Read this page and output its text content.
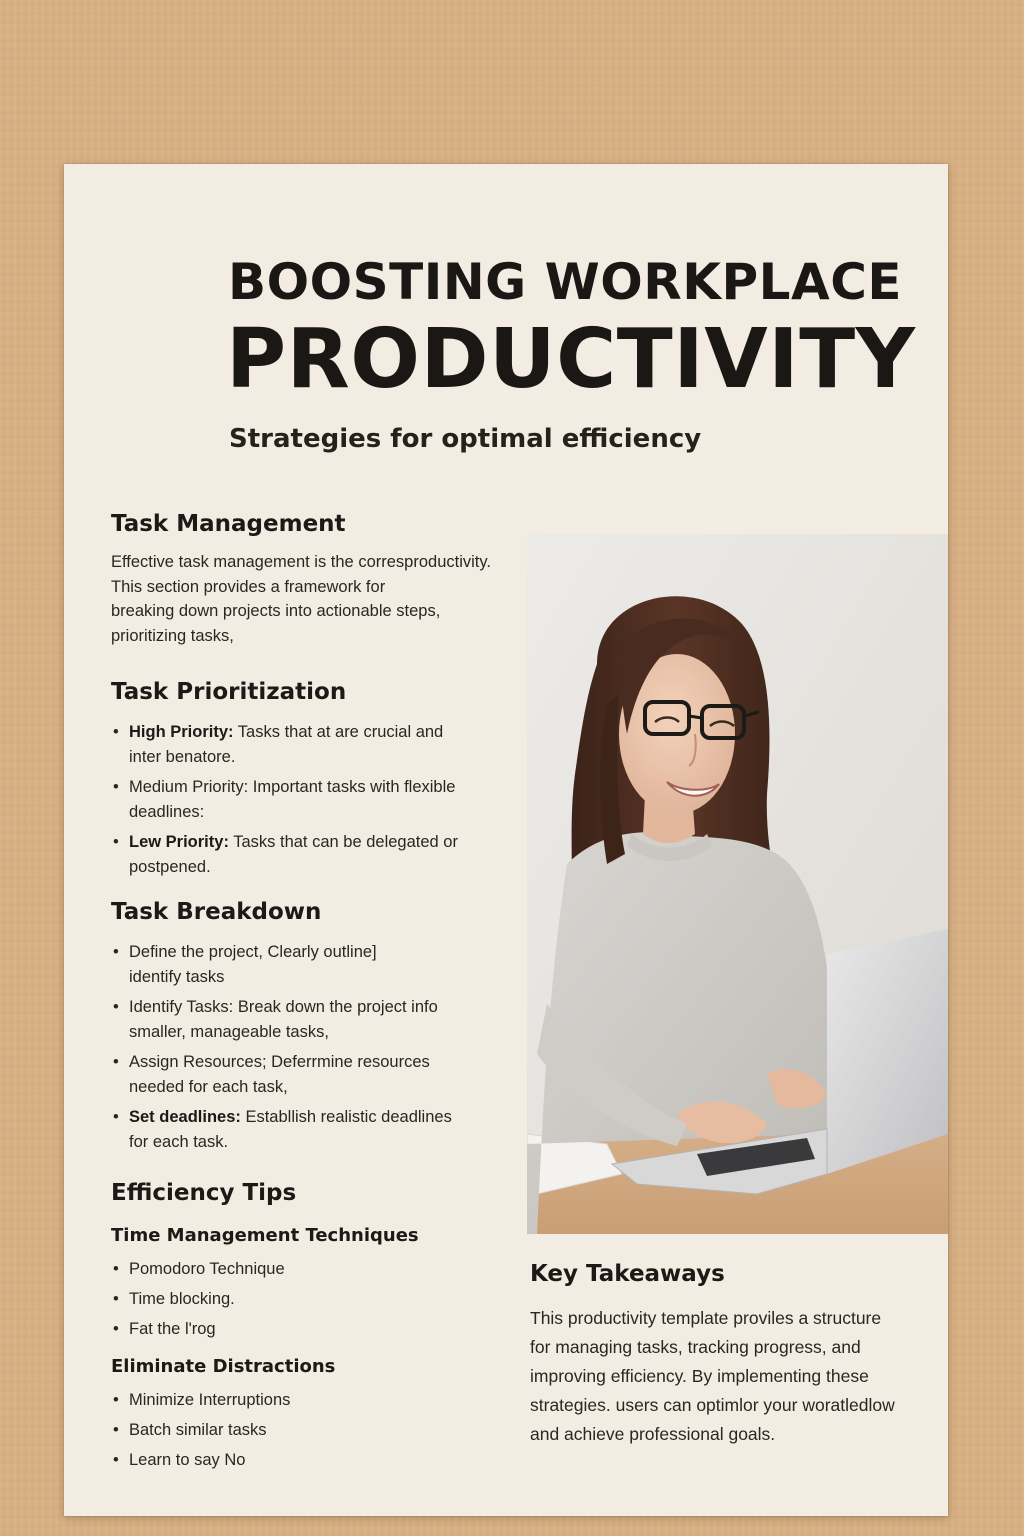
BOOSTING WORKPLACE
PRODUCTIVITY

Strategies for optimal efficiency

Task Management

Effective task management is the corresproductivity.
This section provides a framework for
breaking down projects into actionable steps,
prioritizing tasks,

Task Prioritization
• High Priority: Tasks that at are crucial and
inter benatore.
• Medium Priority: Important tasks with flexible
deadlines:
• Lew Priority: Tasks that can be delegated or
postpened.
Task Breakdown
• Define the project, Clearly outline]
identify tasks
• Identify Tasks: Break down the project info
smaller, manageable tasks,
• Assign Resources; Deferrmine resources
needed for each task,
• Set deadlines: Establlish realistic deadlines
for each task.
Efficiency Tips
Time Management Techniques
• Pomodoro Technique
• Time blocking.
• Fat the l'rog
Eliminate Distractions
• Minimize Interruptions
• Batch similar tasks
• Learn to say No
Key Takeaways

This productivity template proviles a structure
for managing tasks, tracking progress, and
improving efficiency. By implementing these
strategies. users can optimlor your woratledlow
and achieve professional goals.
